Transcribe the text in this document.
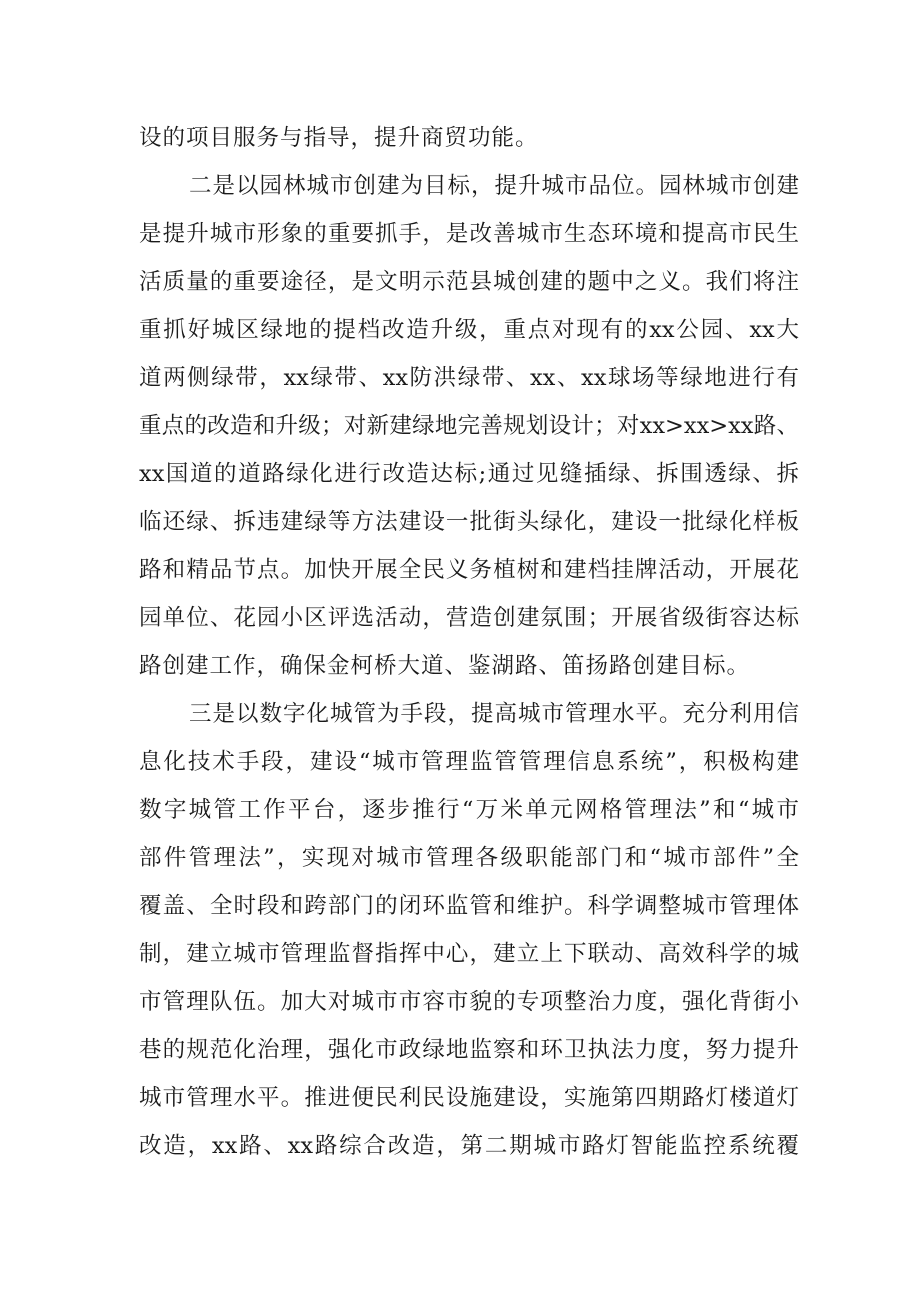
设的项目服务与指导，提升商贸功能。
二是以园林城市创建为目标，提升城市品位。园林城市创建
是提升城市形象的重要抓手，是改善城市生态环境和提高市民生
活质量的重要途径，是文明示范县城创建的题中之义。我们将注
重抓好城区绿地的提档改造升级，重点对现有的xx公园、xx大
道两侧绿带，xx绿带、xx防洪绿带、xx、xx球场等绿地进行有
重点的改造和升级；对新建绿地完善规划设计；对xx>xx>xx路、
xx国道的道路绿化进行改造达标;通过见缝插绿、拆围透绿、拆
临还绿、拆违建绿等方法建设一批街头绿化，建设一批绿化样板
路和精品节点。加快开展全民义务植树和建档挂牌活动，开展花
园单位、花园小区评选活动，营造创建氛围；开展省级街容达标
路创建工作，确保金柯桥大道、鉴湖路、笛扬路创建目标。
三是以数字化城管为手段，提高城市管理水平。充分利用信
息化技术手段，建设“城市管理监管管理信息系统”，积极构建
数字城管工作平台，逐步推行“万米单元网格管理法”和“城市
部件管理法”，实现对城市管理各级职能部门和“城市部件”全
覆盖、全时段和跨部门的闭环监管和维护。科学调整城市管理体
制，建立城市管理监督指挥中心，建立上下联动、高效科学的城
市管理队伍。加大对城市市容市貌的专项整治力度，强化背街小
巷的规范化治理，强化市政绿地监察和环卫执法力度，努力提升
城市管理水平。推进便民利民设施建设，实施第四期路灯楼道灯
改造，xx路、xx路综合改造，第二期城市路灯智能监控系统覆
